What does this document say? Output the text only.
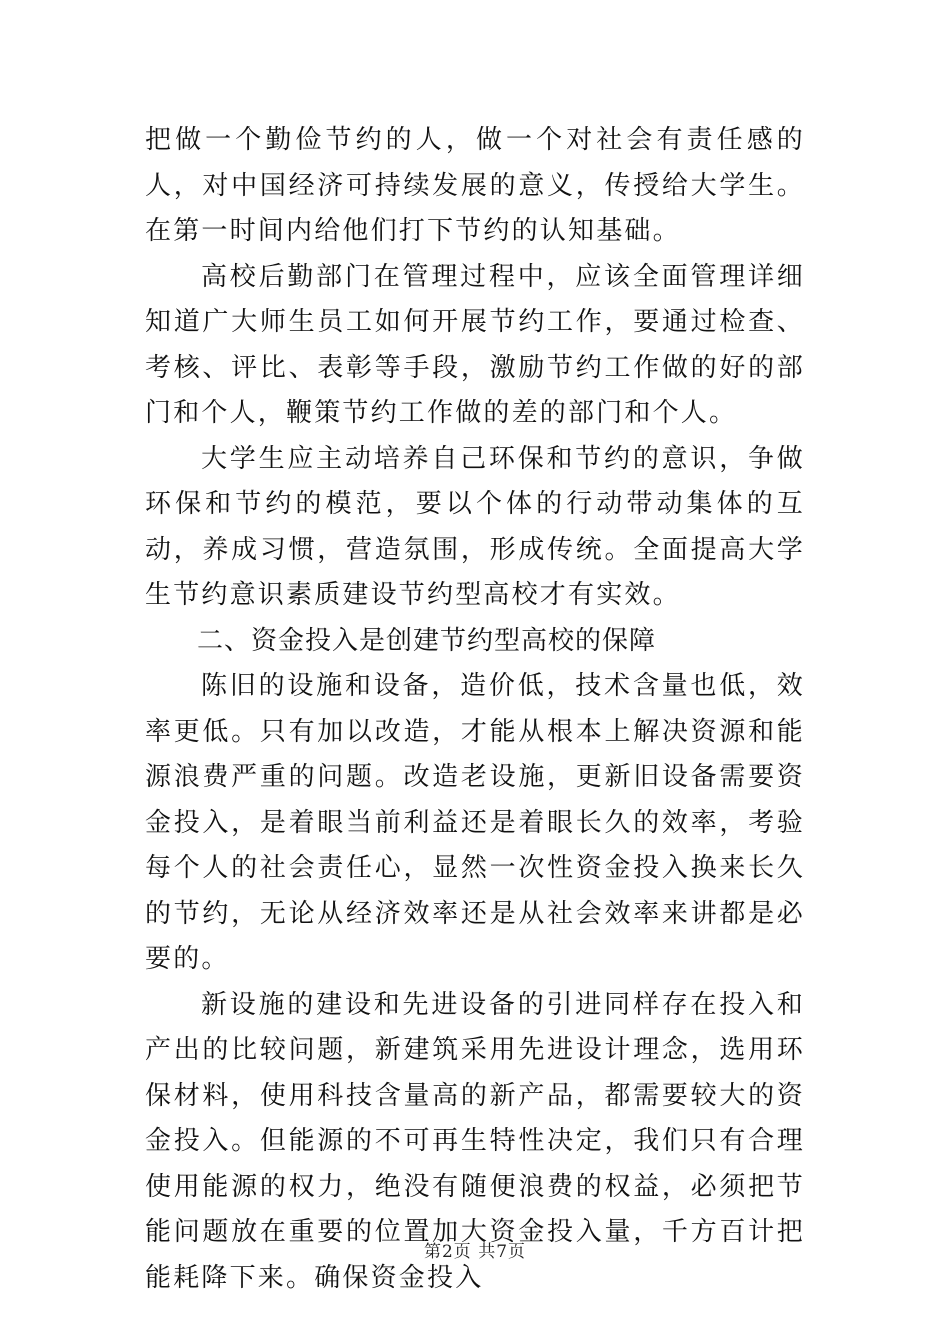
把做一个勤俭节约的人，做一个对社会有责任感的人，对中国经济可持续发展的意义，传授给大学生。在第一时间内给他们打下节约的认知基础。

高校后勤部门在管理过程中，应该全面管理详细知道广大师生员工如何开展节约工作，要通过检查、考核、评比、表彰等手段，激励节约工作做的好的部门和个人，鞭策节约工作做的差的部门和个人。

大学生应主动培养自己环保和节约的意识，争做环保和节约的模范，要以个体的行动带动集体的互动，养成习惯，营造氛围，形成传统。全面提高大学生节约意识素质建设节约型高校才有实效。

二、资金投入是创建节约型高校的保障

陈旧的设施和设备，造价低，技术含量也低，效率更低。只有加以改造，才能从根本上解决资源和能源浪费严重的问题。改造老设施，更新旧设备需要资金投入，是着眼当前利益还是着眼长久的效率，考验每个人的社会责任心，显然一次性资金投入换来长久的节约，无论从经济效率还是从社会效率来讲都是必要的。

新设施的建设和先进设备的引进同样存在投入和产出的比较问题，新建筑采用先进设计理念，选用环保材料，使用科技含量高的新产品，都需要较大的资金投入。但能源的不可再生特性决定，我们只有合理使用能源的权力，绝没有随便浪费的权益，必须把节能问题放在重要的位置加大资金投入量，千方百计把能耗降下来。确保资金投入

第2页 共7页
